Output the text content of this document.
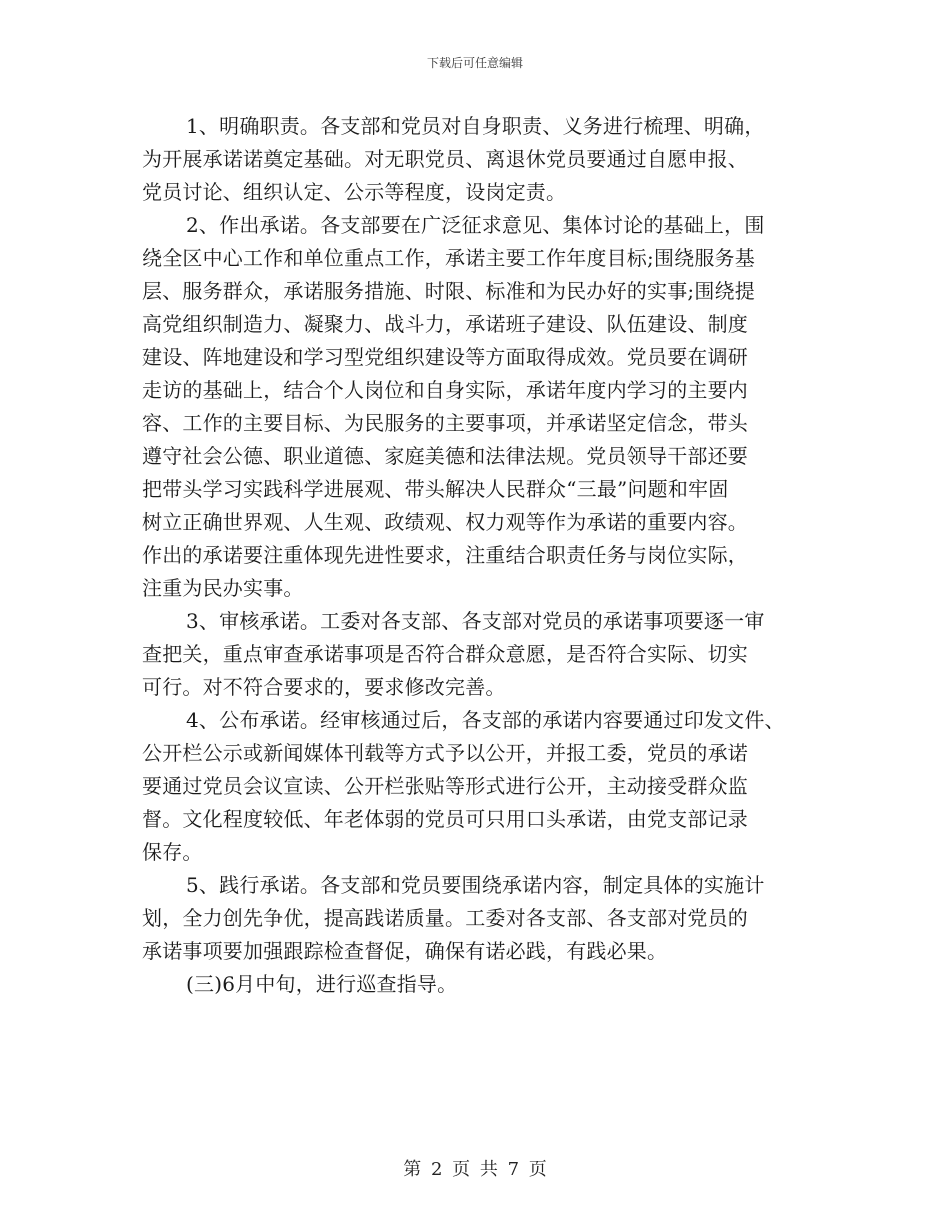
下载后可任意编辑
1、明确职责。各支部和党员对自身职责、义务进行梳理、明确，
为开展承诺诺奠定基础。对无职党员、离退休党员要通过自愿申报、
党员讨论、组织认定、公示等程度，设岗定责。
2、作出承诺。各支部要在广泛征求意见、集体讨论的基础上，围
绕全区中心工作和单位重点工作，承诺主要工作年度目标;围绕服务基
层、服务群众，承诺服务措施、时限、标准和为民办好的实事;围绕提
高党组织制造力、凝聚力、战斗力，承诺班子建设、队伍建设、制度
建设、阵地建设和学习型党组织建设等方面取得成效。党员要在调研
走访的基础上，结合个人岗位和自身实际，承诺年度内学习的主要内
容、工作的主要目标、为民服务的主要事项，并承诺坚定信念，带头
遵守社会公德、职业道德、家庭美德和法律法规。党员领导干部还要
把带头学习实践科学进展观、带头解决人民群众“三最”问题和牢固
树立正确世界观、人生观、政绩观、权力观等作为承诺的重要内容。
作出的承诺要注重体现先进性要求，注重结合职责任务与岗位实际，
注重为民办实事。
3、审核承诺。工委对各支部、各支部对党员的承诺事项要逐一审
查把关，重点审查承诺事项是否符合群众意愿，是否符合实际、切实
可行。对不符合要求的，要求修改完善。
4、公布承诺。经审核通过后，各支部的承诺内容要通过印发文件、
公开栏公示或新闻媒体刊载等方式予以公开，并报工委，党员的承诺
要通过党员会议宣读、公开栏张贴等形式进行公开，主动接受群众监
督。文化程度较低、年老体弱的党员可只用口头承诺，由党支部记录
保存。
5、践行承诺。各支部和党员要围绕承诺内容，制定具体的实施计
划，全力创先争优，提高践诺质量。工委对各支部、各支部对党员的
承诺事项要加强跟踪检查督促，确保有诺必践，有践必果。
(三)6月中旬，进行巡查指导。
第 2 页 共 7 页
